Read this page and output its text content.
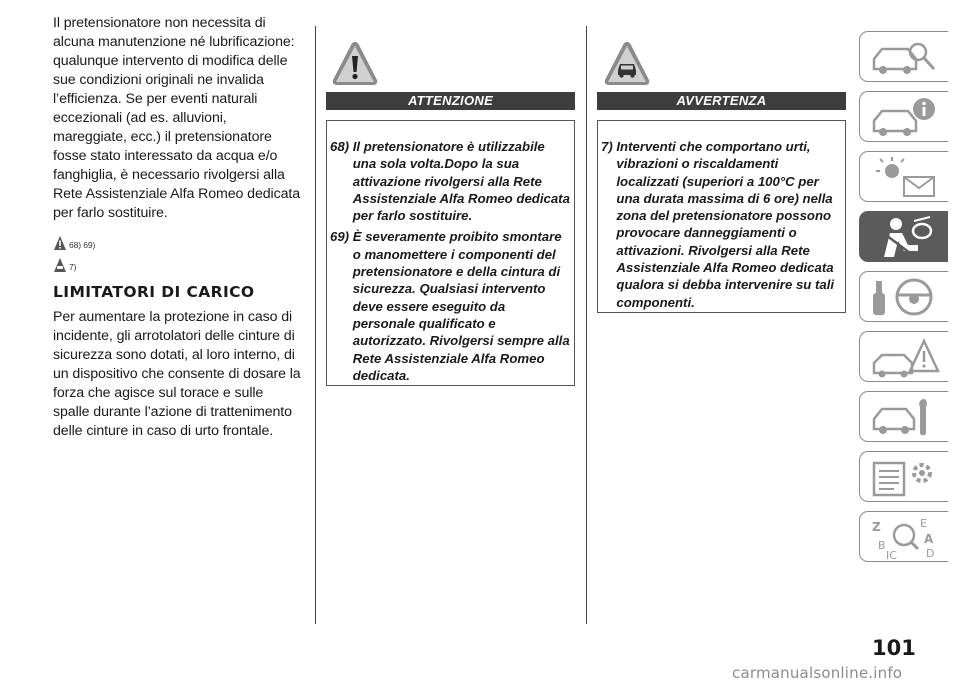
Il pretensionatore non necessita di alcuna manutenzione né lubrificazione: qualunque intervento di modifica delle sue condizioni originali ne invalida l’efficienza. Se per eventi naturali eccezionali (ad es. alluvioni, mareggiate, ecc.) il pretensionatore fosse stato interessato da acqua e/o fanghiglia, è necessario rivolgersi alla Rete Assistenziale Alfa Romeo dedicata per farlo sostituire.

68) 69)
7)
LIMITATORI DI CARICO

Per aumentare la protezione in caso di incidente, gli arrotolatori delle cinture di sicurezza sono dotati, al loro interno, di un dispositivo che consente di dosare la forza che agisce sul torace e sulle spalle durante l’azione di trattenimento delle cinture in caso di urto frontale.

ATTENZIONE
68) Il pretensionatore è utilizzabile una sola volta.Dopo la sua attivazione rivolgersi alla Rete Assistenziale Alfa Romeo dedicata per farlo sostituire.
69) È severamente proibito smontare o manomettere i componenti del pretensionatore e della cintura di sicurezza. Qualsiasi intervento deve essere eseguito da personale qualificato e autorizzato. Rivolgersi sempre alla Rete Assistenziale Alfa Romeo dedicata.
AVVERTENZA
7) Interventi che comportano urti, vibrazioni o riscaldamenti localizzati (superiori a 100°C per una durata massima di 6 ore) nella zona del pretensionatore possono provocare danneggiamenti o attivazioni. Rivolgersi alla Rete Assistenziale Alfa Romeo dedicata qualora si debba intervenire su tali componenti.
Z	E
A
B
D
IC
101
carmanualsonline.info
